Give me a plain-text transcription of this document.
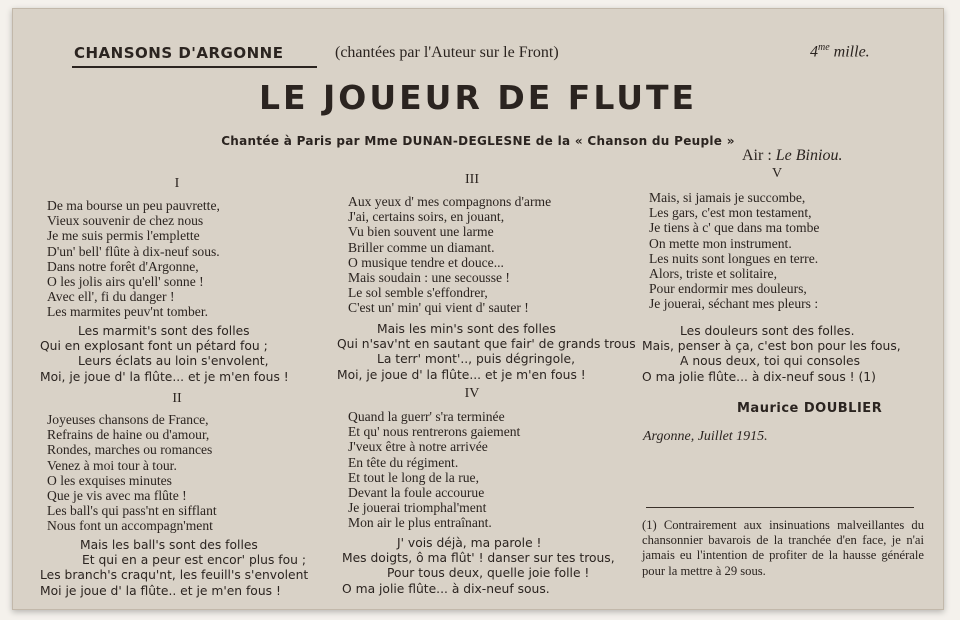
CHANSONS D'ARGONNE	(chantées par l'Auteur sur le Front)	$4^{me}$ mille.
LE JOUEUR DE FLUTE
Chantée à Paris par Mme DUNAN-DEGLESNE de la « Chanson du Peuple »
Air : Le Biniou.
I
De ma bourse un peu pauvrette,
Vieux souvenir de chez nous
Je me suis permis l'emplette
D'un' bell' flûte à dix-neuf sous.
Dans notre forêt d'Argonne,
O les jolis airs qu'ell' sonne !
Avec ell', fi du danger !
Les marmites peuv'nt tomber.
Les marmit's sont des folles
Qui en explosant font un pétard fou ;
Leurs éclats au loin s'envolent,
Moi, je joue d' la flûte... et je m'en fous !
II
Joyeuses chansons de France,
Refrains de haine ou d'amour,
Rondes, marches ou romances
Venez à moi tour à tour.
O les exquises minutes
Que je vis avec ma flûte !
Les ball's qui pass'nt en sifflant
Nous font un accompagn'ment
Mais les ball's sont des folles
Et qui en a peur est encor' plus fou ;
Les branch's craqu'nt, les feuill's s'envolent
Moi je joue d' la flûte.. et je m'en fous !
III
Aux yeux d' mes compagnons d'arme
J'ai, certains soirs, en jouant,
Vu bien souvent une larme
Briller comme un diamant.
O musique tendre et douce...
Mais soudain : une secousse !
Le sol semble s'effondrer,
C'est un' min' qui vient d' sauter !
Mais les min's sont des folles
Qui n'sav'nt en sautant que fair' de grands trous
La terr' mont'.., puis dégringole,
Moi, je joue d' la flûte... et je m'en fous !
IV
Quand la guerr' s'ra terminée
Et qu' nous rentrerons gaiement
J'veux être à notre arrivée
En tête du régiment.
Et tout le long de la rue,
Devant la foule accourue
Je jouerai triomphal'ment
Mon air le plus entraînant.
J' vois déjà, ma parole !
Mes doigts, ô ma flût' ! danser sur tes trous,
Pour tous deux, quelle joie folle !
O ma jolie flûte... à dix-neuf sous.
V
Mais, si jamais je succombe,
Les gars, c'est mon testament,
Je tiens à c' que dans ma tombe
On mette mon instrument.
Les nuits sont longues en terre.
Alors, triste et solitaire,
Pour endormir mes douleurs,
Je jouerai, séchant mes pleurs :
Les douleurs sont des folles.
Mais, penser à ça, c'est bon pour les fous,
A nous deux, toi qui consoles
O ma jolie flûte... à dix-neuf sous ! (1)
Maurice DOUBLIER
Argonne, Juillet 1915.
(1) Contrairement aux insinuations malveillantes du chansonnier bavarois de la tranchée d'en face, je n'ai jamais eu l'intention de profiter de la hausse générale pour la mettre à 29 sous.
